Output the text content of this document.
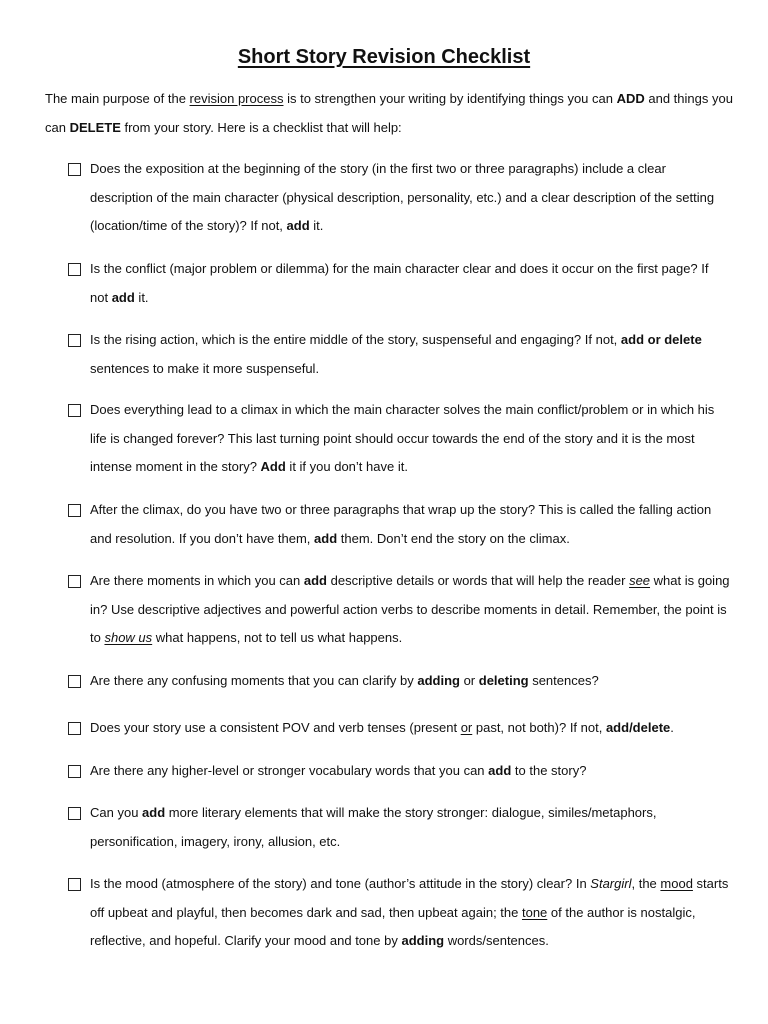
Short Story Revision Checklist
The main purpose of the revision process is to strengthen your writing by identifying things you can ADD and things you can DELETE from your story. Here is a checklist that will help:
Does the exposition at the beginning of the story (in the first two or three paragraphs) include a clear description of the main character (physical description, personality, etc.) and a clear description of the setting (location/time of the story)? If not, add it.
Is the conflict (major problem or dilemma) for the main character clear and does it occur on the first page? If not add it.
Is the rising action, which is the entire middle of the story, suspenseful and engaging? If not, add or delete sentences to make it more suspenseful.
Does everything lead to a climax in which the main character solves the main conflict/problem or in which his life is changed forever? This last turning point should occur towards the end of the story and it is the most intense moment in the story? Add it if you don’t have it.
After the climax, do you have two or three paragraphs that wrap up the story? This is called the falling action and resolution. If you don’t have them, add them. Don’t end the story on the climax.
Are there moments in which you can add descriptive details or words that will help the reader see what is going in? Use descriptive adjectives and powerful action verbs to describe moments in detail. Remember, the point is to show us what happens, not to tell us what happens.
Are there any confusing moments that you can clarify by adding or deleting sentences?
Does your story use a consistent POV and verb tenses (present or past, not both)? If not, add/delete.
Are there any higher-level or stronger vocabulary words that you can add to the story?
Can you add more literary elements that will make the story stronger: dialogue, similes/metaphors, personification, imagery, irony, allusion, etc.
Is the mood (atmosphere of the story) and tone (author’s attitude in the story) clear? In Stargirl, the mood starts off upbeat and playful, then becomes dark and sad, then upbeat again; the tone of the author is nostalgic, reflective, and hopeful. Clarify your mood and tone by adding words/sentences.
